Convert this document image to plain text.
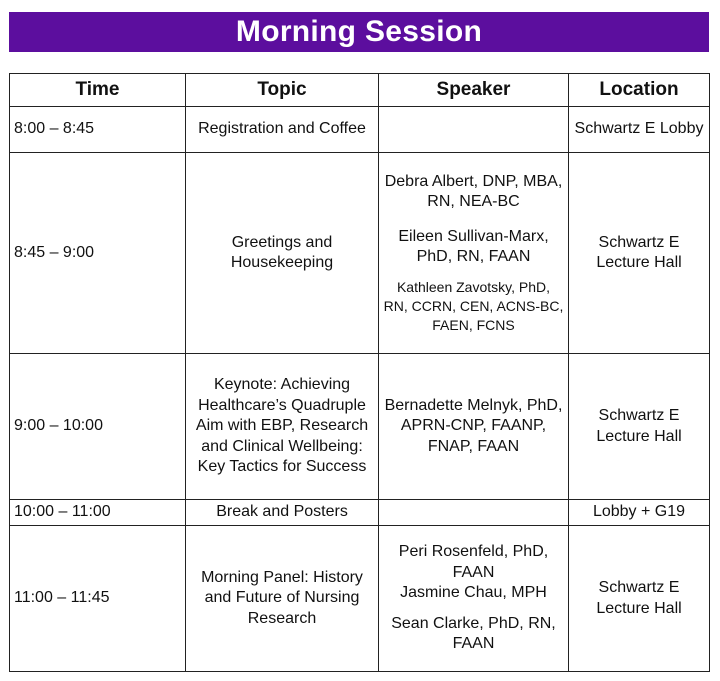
Morning Session
Time	Topic	Speaker	Location
8:00 – 8:45	Registration and Coffee		Schwartz E Lobby
8:45 – 9:00	Greetings and Housekeeping	Debra Albert, DNP, MBA, RN, NEA-BC
Eileen Sullivan-Marx, PhD, RN, FAAN
Kathleen Zavotsky, PhD, RN, CCRN, CEN, ACNS-BC, FAEN, FCNS	Schwartz E Lecture Hall
9:00 – 10:00	Keynote: Achieving Healthcare’s Quadruple Aim with EBP, Research and Clinical Wellbeing: Key Tactics for Success	Bernadette Melnyk, PhD, APRN-CNP, FAANP, FNAP, FAAN	Schwartz E Lecture Hall
10:00 – 11:00	Break and Posters		Lobby + G19
11:00 – 11:45	Morning Panel: History and Future of Nursing Research	Peri Rosenfeld, PhD, FAAN
Jasmine Chau, MPH
Sean Clarke, PhD, RN, FAAN	Schwartz E Lecture Hall
